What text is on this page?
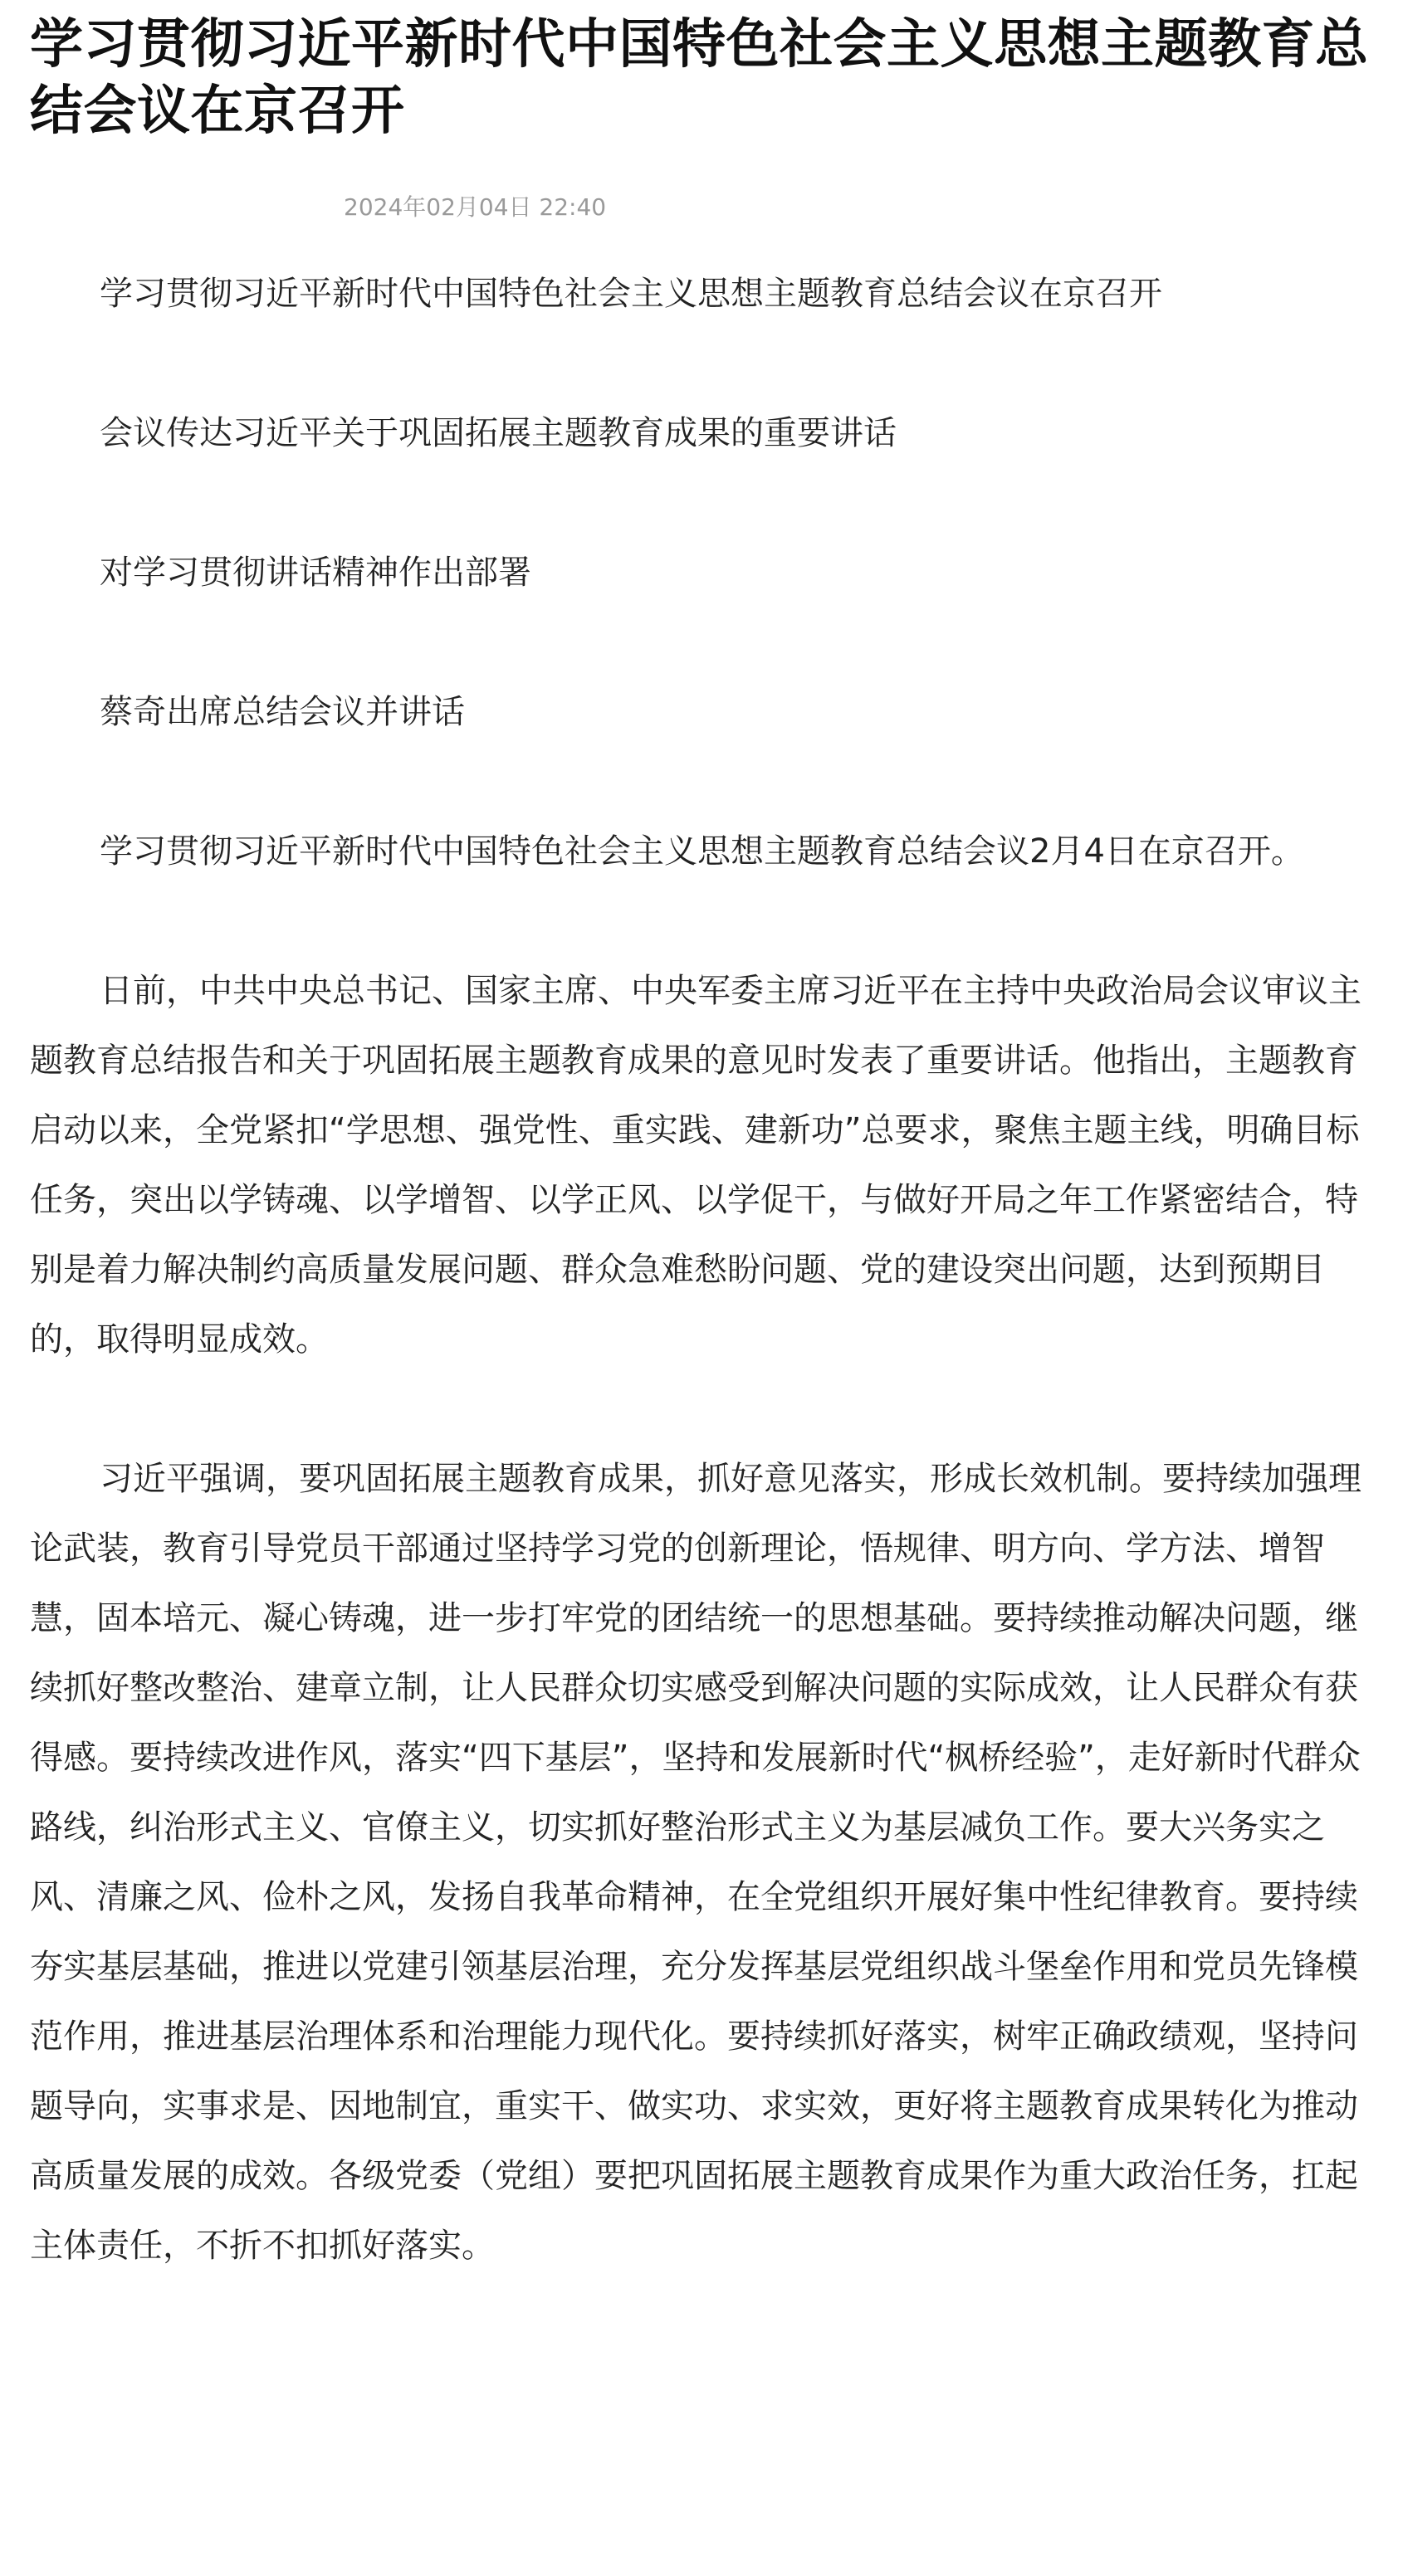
学习贯彻习近平新时代中国特色社会主义思想主题教育总结会议在京召开
2024年02月04日 22:40

学习贯彻习近平新时代中国特色社会主义思想主题教育总结会议在京召开

会议传达习近平关于巩固拓展主题教育成果的重要讲话

对学习贯彻讲话精神作出部署

蔡奇出席总结会议并讲话

学习贯彻习近平新时代中国特色社会主义思想主题教育总结会议2月4日在京召开。

日前，中共中央总书记、国家主席、中央军委主席习近平在主持中央政治局会议审议主题教育总结报告和关于巩固拓展主题教育成果的意见时发表了重要讲话。他指出，主题教育启动以来，全党紧扣“学思想、强党性、重实践、建新功”总要求，聚焦主题主线，明确目标任务，突出以学铸魂、以学增智、以学正风、以学促干，与做好开局之年工作紧密结合，特别是着力解决制约高质量发展问题、群众急难愁盼问题、党的建设突出问题，达到预期目的，取得明显成效。

习近平强调，要巩固拓展主题教育成果，抓好意见落实，形成长效机制。要持续加强理论武装，教育引导党员干部通过坚持学习党的创新理论，悟规律、明方向、学方法、增智慧，固本培元、凝心铸魂，进一步打牢党的团结统一的思想基础。要持续推动解决问题，继续抓好整改整治、建章立制，让人民群众切实感受到解决问题的实际成效，让人民群众有获得感。要持续改进作风，落实“四下基层”，坚持和发展新时代“枫桥经验”，走好新时代群众路线，纠治形式主义、官僚主义，切实抓好整治形式主义为基层减负工作。要大兴务实之风、清廉之风、俭朴之风，发扬自我革命精神，在全党组织开展好集中性纪律教育。要持续夯实基层基础，推进以党建引领基层治理，充分发挥基层党组织战斗堡垒作用和党员先锋模范作用，推进基层治理体系和治理能力现代化。要持续抓好落实，树牢正确政绩观，坚持问题导向，实事求是、因地制宜，重实干、做实功、求实效，更好将主题教育成果转化为推动高质量发展的成效。各级党委（党组）要把巩固拓展主题教育成果作为重大政治任务，扛起主体责任，不折不扣抓好落实。
